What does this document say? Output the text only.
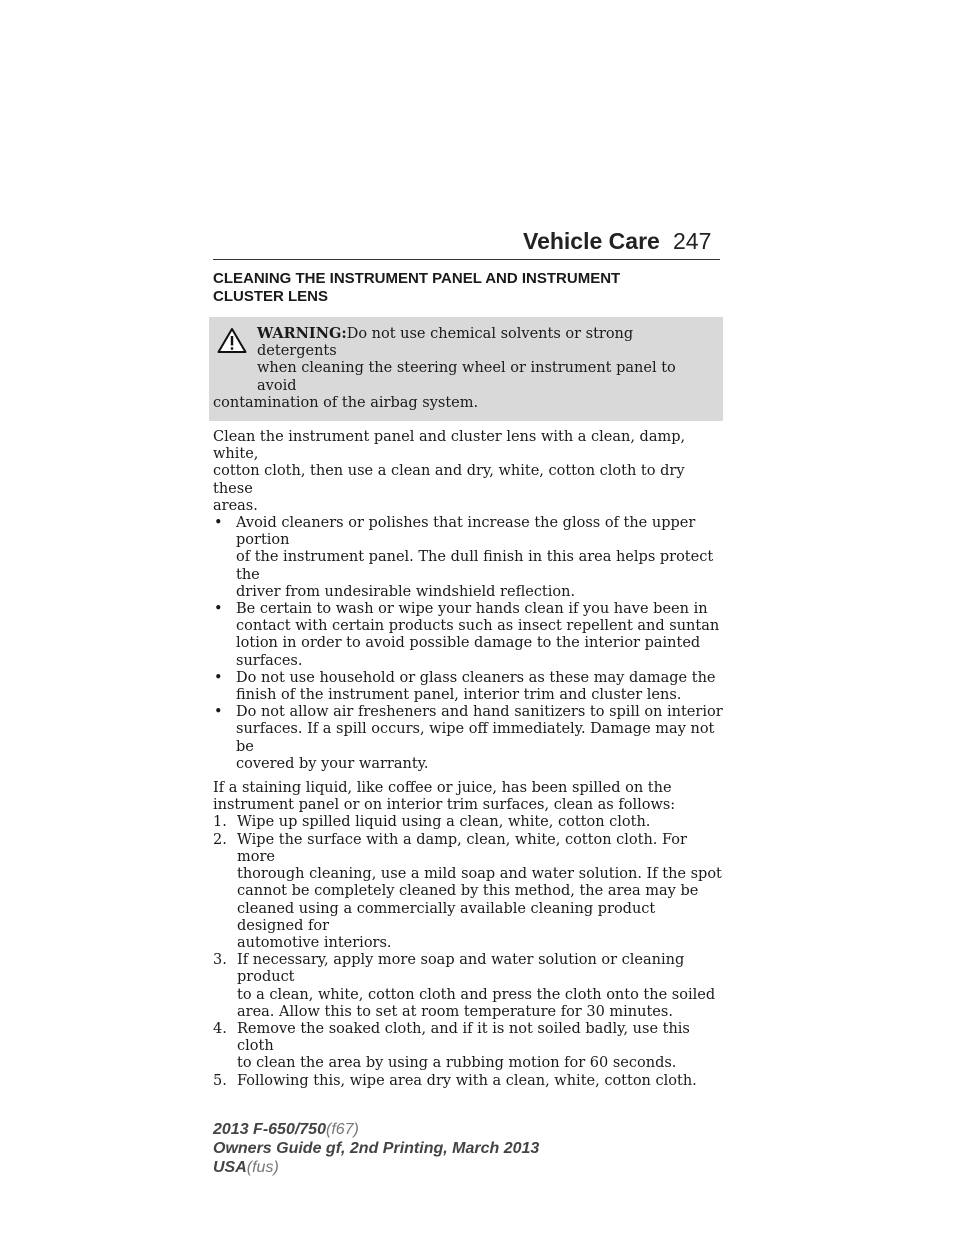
Vehicle Care 247
CLEANING THE INSTRUMENT PANEL AND INSTRUMENT
CLUSTER LENS
WARNING:Do not use chemical solvents or strong detergents
when cleaning the steering wheel or instrument panel to avoid
contamination of the airbag system.
Clean the instrument panel and cluster lens with a clean, damp, white,
cotton cloth, then use a clean and dry, white, cotton cloth to dry these
areas.
• Avoid cleaners or polishes that increase the gloss of the upper portion
of the instrument panel. The dull finish in this area helps protect the
driver from undesirable windshield reflection.
• Be certain to wash or wipe your hands clean if you have been in
contact with certain products such as insect repellent and suntan
lotion in order to avoid possible damage to the interior painted
surfaces.
• Do not use household or glass cleaners as these may damage the
finish of the instrument panel, interior trim and cluster lens.
• Do not allow air fresheners and hand sanitizers to spill on interior
surfaces. If a spill occurs, wipe off immediately. Damage may not be
covered by your warranty.
If a staining liquid, like coffee or juice, has been spilled on the
instrument panel or on interior trim surfaces, clean as follows:
1. Wipe up spilled liquid using a clean, white, cotton cloth.
2. Wipe the surface with a damp, clean, white, cotton cloth. For more
thorough cleaning, use a mild soap and water solution. If the spot
cannot be completely cleaned by this method, the area may be
cleaned using a commercially available cleaning product designed for
automotive interiors.
3. If necessary, apply more soap and water solution or cleaning product
to a clean, white, cotton cloth and press the cloth onto the soiled
area. Allow this to set at room temperature for 30 minutes.
4. Remove the soaked cloth, and if it is not soiled badly, use this cloth
to clean the area by using a rubbing motion for 60 seconds.
5. Following this, wipe area dry with a clean, white, cotton cloth.
2013 F-650/750(f67)
Owners Guide gf, 2nd Printing, March 2013
USA(fus)
